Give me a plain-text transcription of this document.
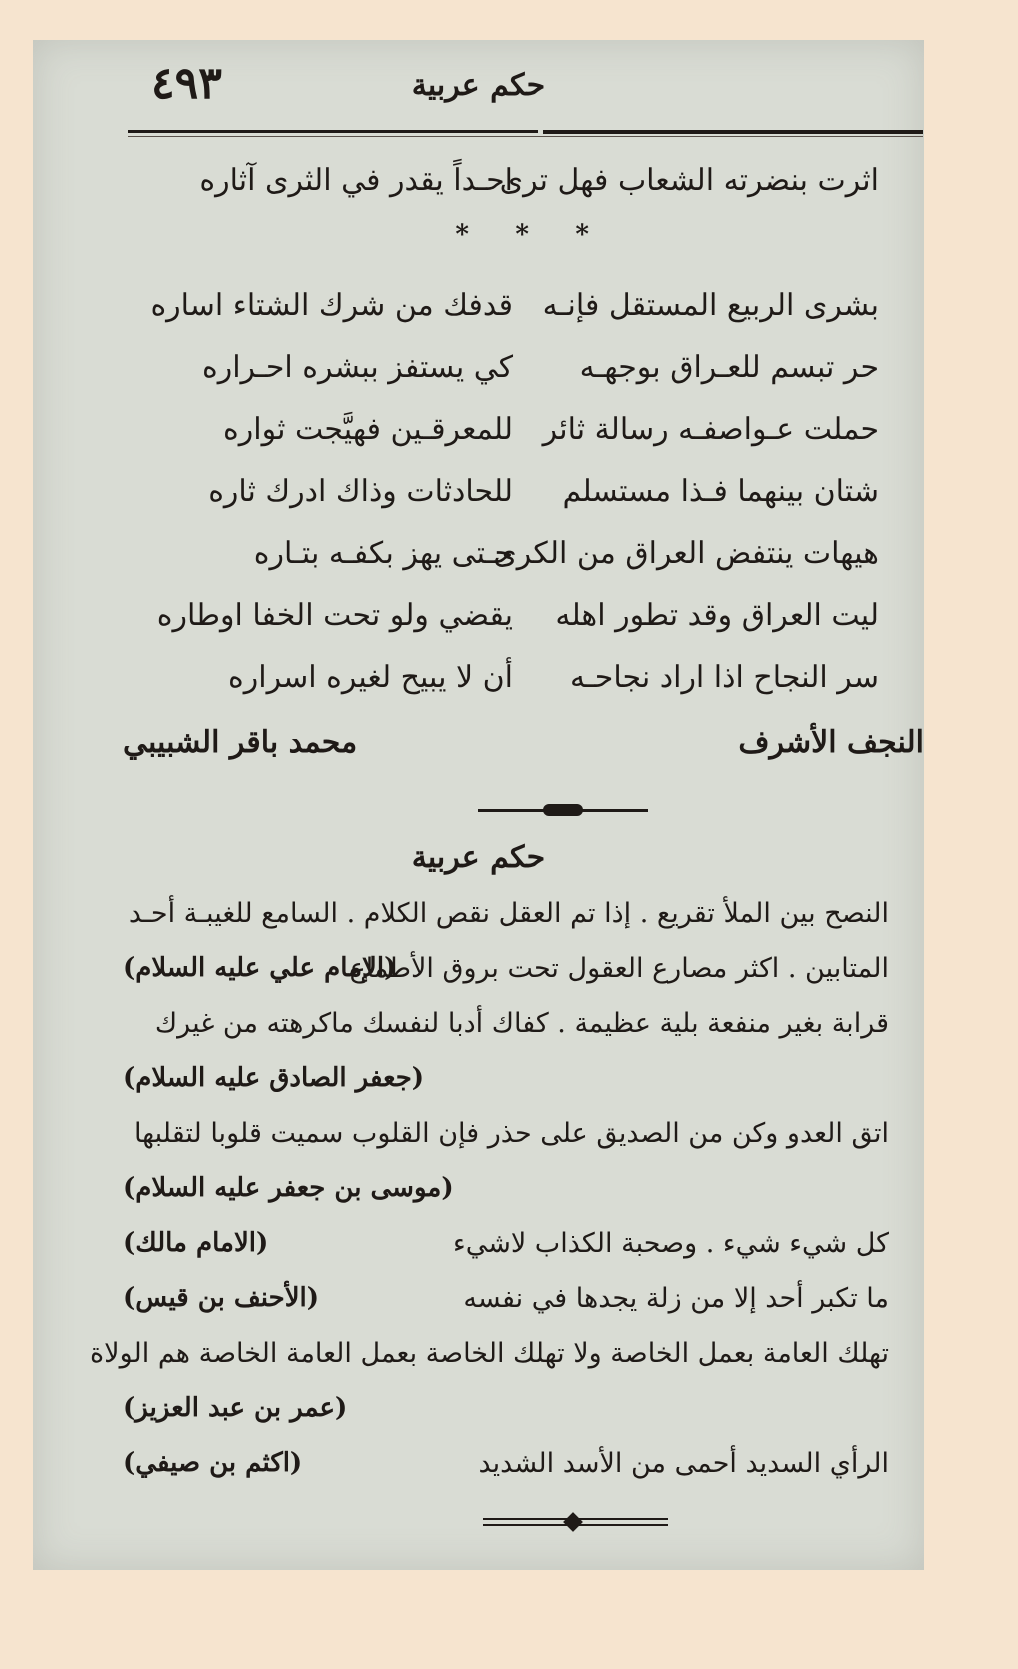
٤٩٣	حكم عربية
اثرت بنضرته الشعاب فهل ترى
احـداً يقدر في الثرى آثاره
*
*
*
بشرى الربيع المستقل فإنـه
قدفك من شرك الشتاء اساره
حر تبسم للعـراق بوجهـه
كي يستفز ببشره احـراره
حملت عـواصفـه رسالة ثائر
للمعرقـين فهيَّجت ثواره
شتان بينهما فـذا مستسلم
للحادثات وذاك ادرك ثاره
هيهات ينتفض العراق من الكرى
حـتى يهز بكفـه بتـاره
ليت العراق وقد تطور اهله
يقضي ولو تحت الخفا اوطاره
سر النجاح اذا اراد نجاحـه
أن لا يبيح لغيره اسراره
النجف الأشرف
محمد باقر الشبيبي
حكم عربية
النصح بين الملأ تقريع . إذا تم العقل نقص الكلام . السامع للغيبـة أحـد
المتابين . اكثر مصارع العقول تحت بروق الأطماع
(الإمام علي عليه السلام)
قرابة بغير منفعة بلية عظيمة . كفاك أدبا لنفسك ماكرهته من غيرك
(جعفر الصادق عليه السلام)
اتق العدو وكن من الصديق على حذر فإن القلوب سميت قلوبا لتقلبها
(موسى بن جعفر عليه السلام)
كل شيء شيء . وصحبة الكذاب لاشيء
(الامام مالك)
ما تكبر أحد إلا من زلة يجدها في نفسه
(الأحنف بن قيس)
تهلك العامة بعمل الخاصة ولا تهلك الخاصة بعمل العامة الخاصة هم الولاة
(عمر بن عبد العزيز)
الرأي السديد أحمى من الأسد الشديد
(اكثم بن صيفي)
